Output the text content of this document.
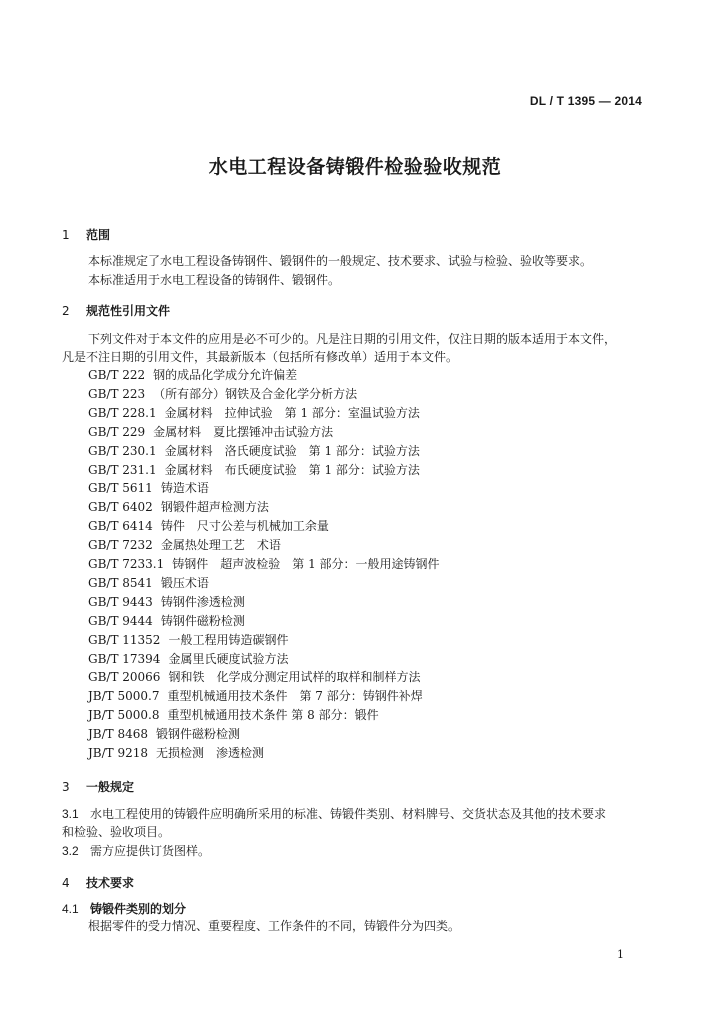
DL / T 1395 — 2014
水电工程设备铸锻件检验验收规范
1 范围
本标准规定了水电工程设备铸钢件、锻钢件的一般规定、技术要求、试验与检验、验收等要求。
本标准适用于水电工程设备的铸钢件、锻钢件。
2 规范性引用文件
下列文件对于本文件的应用是必不可少的。凡是注日期的引用文件，仅注日期的版本适用于本文件，
凡是不注日期的引用文件，其最新版本（包括所有修改单）适用于本文件。
GB/T 222 钢的成品化学成分允许偏差
GB/T 223 （所有部分）钢铁及合金化学分析方法
GB/T 228.1 金属材料　拉伸试验　第 1 部分：室温试验方法
GB/T 229 金属材料　夏比摆锤冲击试验方法
GB/T 230.1 金属材料　洛氏硬度试验　第 1 部分：试验方法
GB/T 231.1 金属材料　布氏硬度试验　第 1 部分：试验方法
GB/T 5611 铸造术语
GB/T 6402 钢锻件超声检测方法
GB/T 6414 铸件　尺寸公差与机械加工余量
GB/T 7232 金属热处理工艺　术语
GB/T 7233.1 铸钢件　超声波检验　第 1 部分：一般用途铸钢件
GB/T 8541 锻压术语
GB/T 9443 铸钢件渗透检测
GB/T 9444 铸钢件磁粉检测
GB/T 11352 一般工程用铸造碳钢件
GB/T 17394 金属里氏硬度试验方法
GB/T 20066 钢和铁　化学成分测定用试样的取样和制样方法
JB/T 5000.7 重型机械通用技术条件　第 7 部分：铸钢件补焊
JB/T 5000.8 重型机械通用技术条件 第 8 部分：锻件
JB/T 8468 锻钢件磁粉检测
JB/T 9218 无损检测　渗透检测
3 一般规定
3.1 水电工程使用的铸锻件应明确所采用的标准、铸锻件类别、材料牌号、交货状态及其他的技术要求
和检验、验收项目。
3.2 需方应提供订货图样。
4 技术要求
4.1 铸锻件类别的划分
根据零件的受力情况、重要程度、工作条件的不同，铸锻件分为四类。
1
